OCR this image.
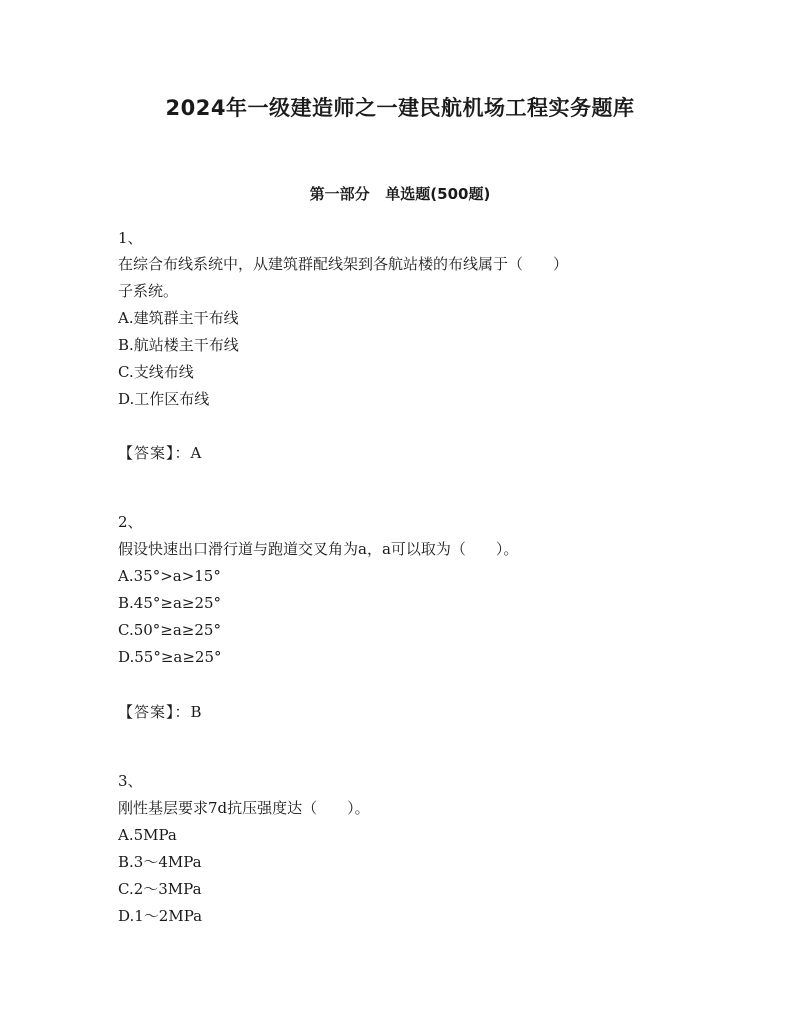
2024年一级建造师之一建民航机场工程实务题库
第一部分   单选题(500题)
1、
在综合布线系统中，从建筑群配线架到各航站楼的布线属于（　　）
子系统。
A.建筑群主干布线
B.航站楼主干布线
C.支线布线
D.工作区布线
【答案】：A
2、
假设快速出口滑行道与跑道交叉角为a，a可以取为（　　）。
A.35°>a>15°
B.45°≥a≥25°
C.50°≥a≥25°
D.55°≥a≥25°
【答案】：B
3、
刚性基层要求7d抗压强度达（　　）。
A.5MPa
B.3～4MPa
C.2～3MPa
D.1～2MPa
